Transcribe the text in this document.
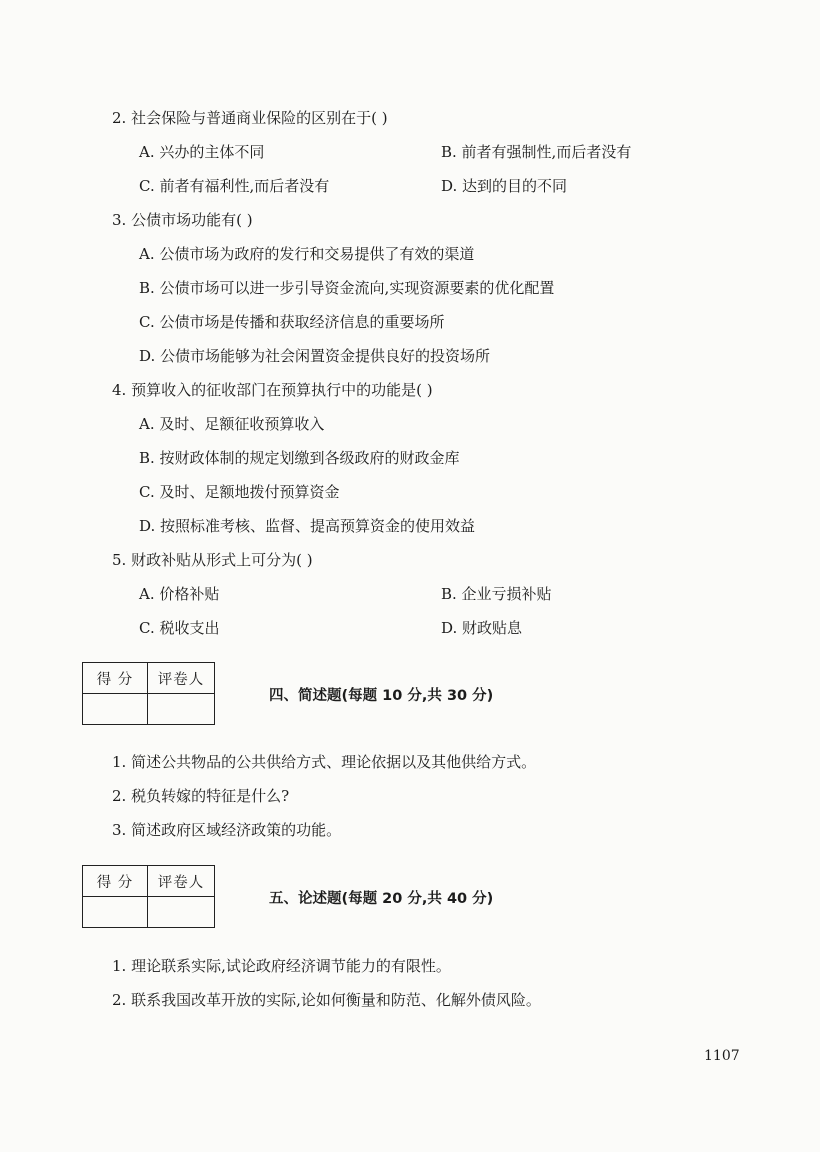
2. 社会保险与普通商业保险的区别在于( )
A. 兴办的主体不同	B. 前者有强制性,而后者没有
C. 前者有福利性,而后者没有	D. 达到的目的不同
3. 公债市场功能有( )
A. 公债市场为政府的发行和交易提供了有效的渠道
B. 公债市场可以进一步引导资金流向,实现资源要素的优化配置
C. 公债市场是传播和获取经济信息的重要场所
D. 公债市场能够为社会闲置资金提供良好的投资场所
4. 预算收入的征收部门在预算执行中的功能是( )
A. 及时、足额征收预算收入
B. 按财政体制的规定划缴到各级政府的财政金库
C. 及时、足额地拨付预算资金
D. 按照标准考核、监督、提高预算资金的使用效益
5. 财政补贴从形式上可分为( )
A. 价格补贴	B. 企业亏损补贴
C. 税收支出	D. 财政贴息
得 分	评卷人

四、简述题(每题 10 分,共 30 分)
1. 简述公共物品的公共供给方式、理论依据以及其他供给方式。
2. 税负转嫁的特征是什么?
3. 简述政府区域经济政策的功能。
得 分	评卷人

五、论述题(每题 20 分,共 40 分)
1. 理论联系实际,试论政府经济调节能力的有限性。
2. 联系我国改革开放的实际,论如何衡量和防范、化解外债风险。
1107
